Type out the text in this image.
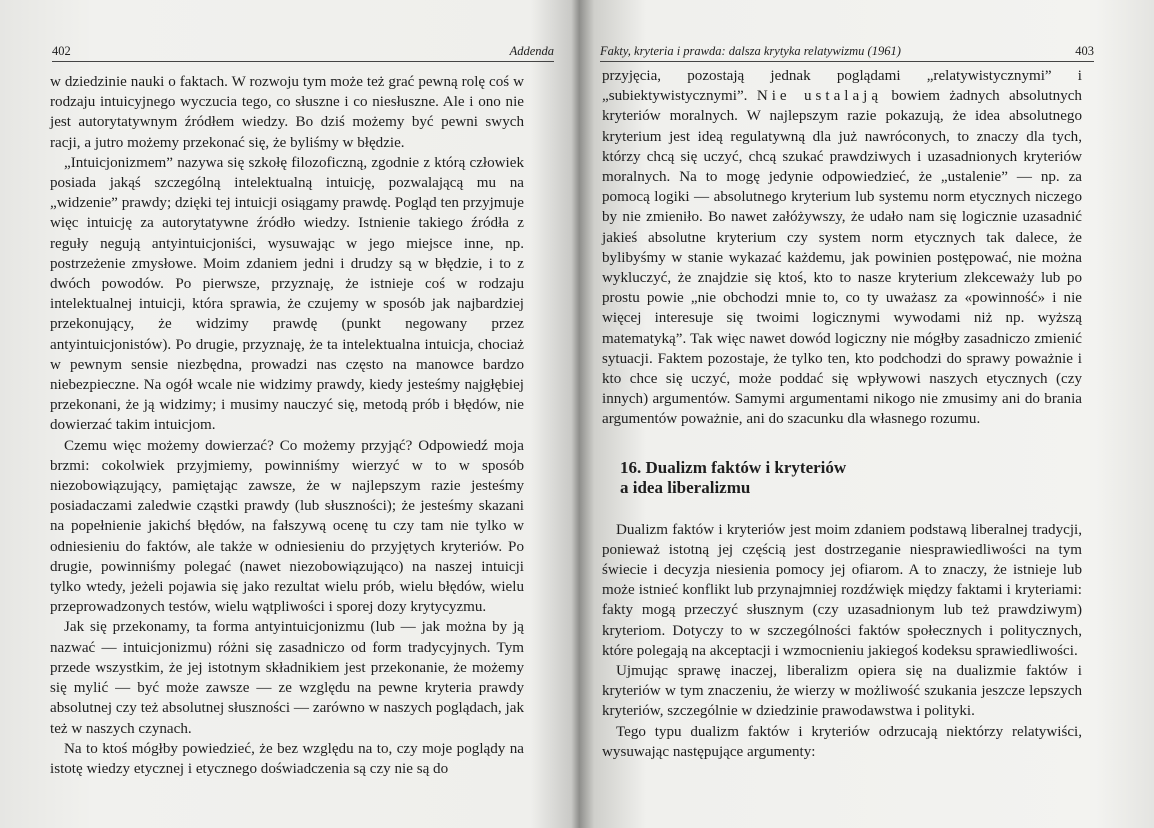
402	Addenda

w dziedzinie nauki o faktach. W rozwoju tym może też grać pewną rolę coś w rodzaju intuicyjnego wyczucia tego, co słuszne i co niesłuszne. Ale i ono nie jest autorytatywnym źródłem wiedzy. Bo dziś możemy być pewni swych racji, a jutro możemy przekonać się, że byliśmy w błędzie.

„Intuicjonizmem” nazywa się szkołę filozoficzną, zgodnie z którą człowiek posiada jakąś szczególną intelektualną intuicję, pozwalającą mu na „widzenie” prawdy; dzięki tej intuicji osiągamy prawdę. Pogląd ten przyjmuje więc intuicję za autorytatywne źródło wiedzy. Istnienie takiego źródła z reguły negują antyintuicjoniści, wysuwając w jego miejsce inne, np. postrzeżenie zmysłowe. Moim zdaniem jedni i drudzy są w błędzie, i to z dwóch powodów. Po pierwsze, przyznaję, że istnieje coś w rodzaju intelektualnej intuicji, która sprawia, że czujemy w sposób jak najbardziej przekonujący, że widzimy prawdę (punkt negowany przez antyintuicjonistów). Po drugie, przyznaję, że ta intelektualna intuicja, chociaż w pewnym sensie niezbędna, prowadzi nas często na manowce bardzo niebezpieczne. Na ogół wcale nie widzimy prawdy, kiedy jesteśmy najgłębiej przekonani, że ją widzimy; i musimy nauczyć się, metodą prób i błędów, nie dowierzać takim intuicjom.

Czemu więc możemy dowierzać? Co możemy przyjąć? Odpowiedź moja brzmi: cokolwiek przyjmiemy, powinniśmy wierzyć w to w sposób niezobowiązujący, pamiętając zawsze, że w najlepszym razie jesteśmy posiadaczami zaledwie cząstki prawdy (lub słuszności); że jesteśmy skazani na popełnienie jakichś błędów, na fałszywą ocenę tu czy tam nie tylko w odniesieniu do faktów, ale także w odniesieniu do przyjętych kryteriów. Po drugie, powinniśmy polegać (nawet niezobowiązująco) na naszej intuicji tylko wtedy, jeżeli pojawia się jako rezultat wielu prób, wielu błędów, wielu przeprowadzonych testów, wielu wątpliwości i sporej dozy krytycyzmu.

Jak się przekonamy, ta forma antyintuicjonizmu (lub — jak można by ją nazwać — intuicjonizmu) różni się zasadniczo od form tradycyjnych. Tym przede wszystkim, że jej istotnym składnikiem jest przekonanie, że możemy się mylić — być może zawsze — ze względu na pewne kryteria prawdy absolutnej czy też absolutnej słuszności — zarówno w naszych poglądach, jak też w naszych czynach.

Na to ktoś mógłby powiedzieć, że bez względu na to, czy moje poglądy na istotę wiedzy etycznej i etycznego doświadczenia są czy nie są do

Fakty, kryteria i prawda: dalsza krytyka relatywizmu (1961)	403

przyjęcia, pozostają jednak poglądami „relatywistycznymi” i „subiektywistycznymi”. Nie ustalają bowiem żadnych absolutnych kryteriów moralnych. W najlepszym razie pokazują, że idea absolutnego kryterium jest ideą regulatywną dla już nawróconych, to znaczy dla tych, którzy chcą się uczyć, chcą szukać prawdziwych i uzasadnionych kryteriów moralnych. Na to mogę jedynie odpowiedzieć, że „ustalenie” — np. za pomocą logiki — absolutnego kryterium lub systemu norm etycznych niczego by nie zmieniło. Bo nawet załóżywszy, że udało nam się logicznie uzasadnić jakieś absolutne kryterium czy system norm etycznych tak dalece, że bylibyśmy w stanie wykazać każdemu, jak powinien postępować, nie można wykluczyć, że znajdzie się ktoś, kto to nasze kryterium zlekceważy lub po prostu powie „nie obchodzi mnie to, co ty uważasz za «powinność» i nie więcej interesuje się twoimi logicznymi wywodami niż np. wyższą matematyką”. Tak więc nawet dowód logiczny nie mógłby zasadniczo zmienić sytuacji. Faktem pozostaje, że tylko ten, kto podchodzi do sprawy poważnie i kto chce się uczyć, może poddać się wpływowi naszych etycznych (czy innych) argumentów. Samymi argumentami nikogo nie zmusimy ani do brania argumentów poważnie, ani do szacunku dla własnego rozumu.

16. Dualizm faktów i kryteriów
a idea liberalizmu

Dualizm faktów i kryteriów jest moim zdaniem podstawą liberalnej tradycji, ponieważ istotną jej częścią jest dostrzeganie niesprawiedliwości na tym świecie i decyzja niesienia pomocy jej ofiarom. A to znaczy, że istnieje lub może istnieć konflikt lub przynajmniej rozdźwięk między faktami i kryteriami: fakty mogą przeczyć słusznym (czy uzasadnionym lub też prawdziwym) kryteriom. Dotyczy to w szczególności faktów społecznych i politycznych, które polegają na akceptacji i wzmocnieniu jakiegoś kodeksu sprawiedliwości.

Ujmując sprawę inaczej, liberalizm opiera się na dualizmie faktów i kryteriów w tym znaczeniu, że wierzy w możliwość szukania jeszcze lepszych kryteriów, szczególnie w dziedzinie prawodawstwa i polityki.

Tego typu dualizm faktów i kryteriów odrzucają niektórzy relatywiści, wysuwając następujące argumenty:
